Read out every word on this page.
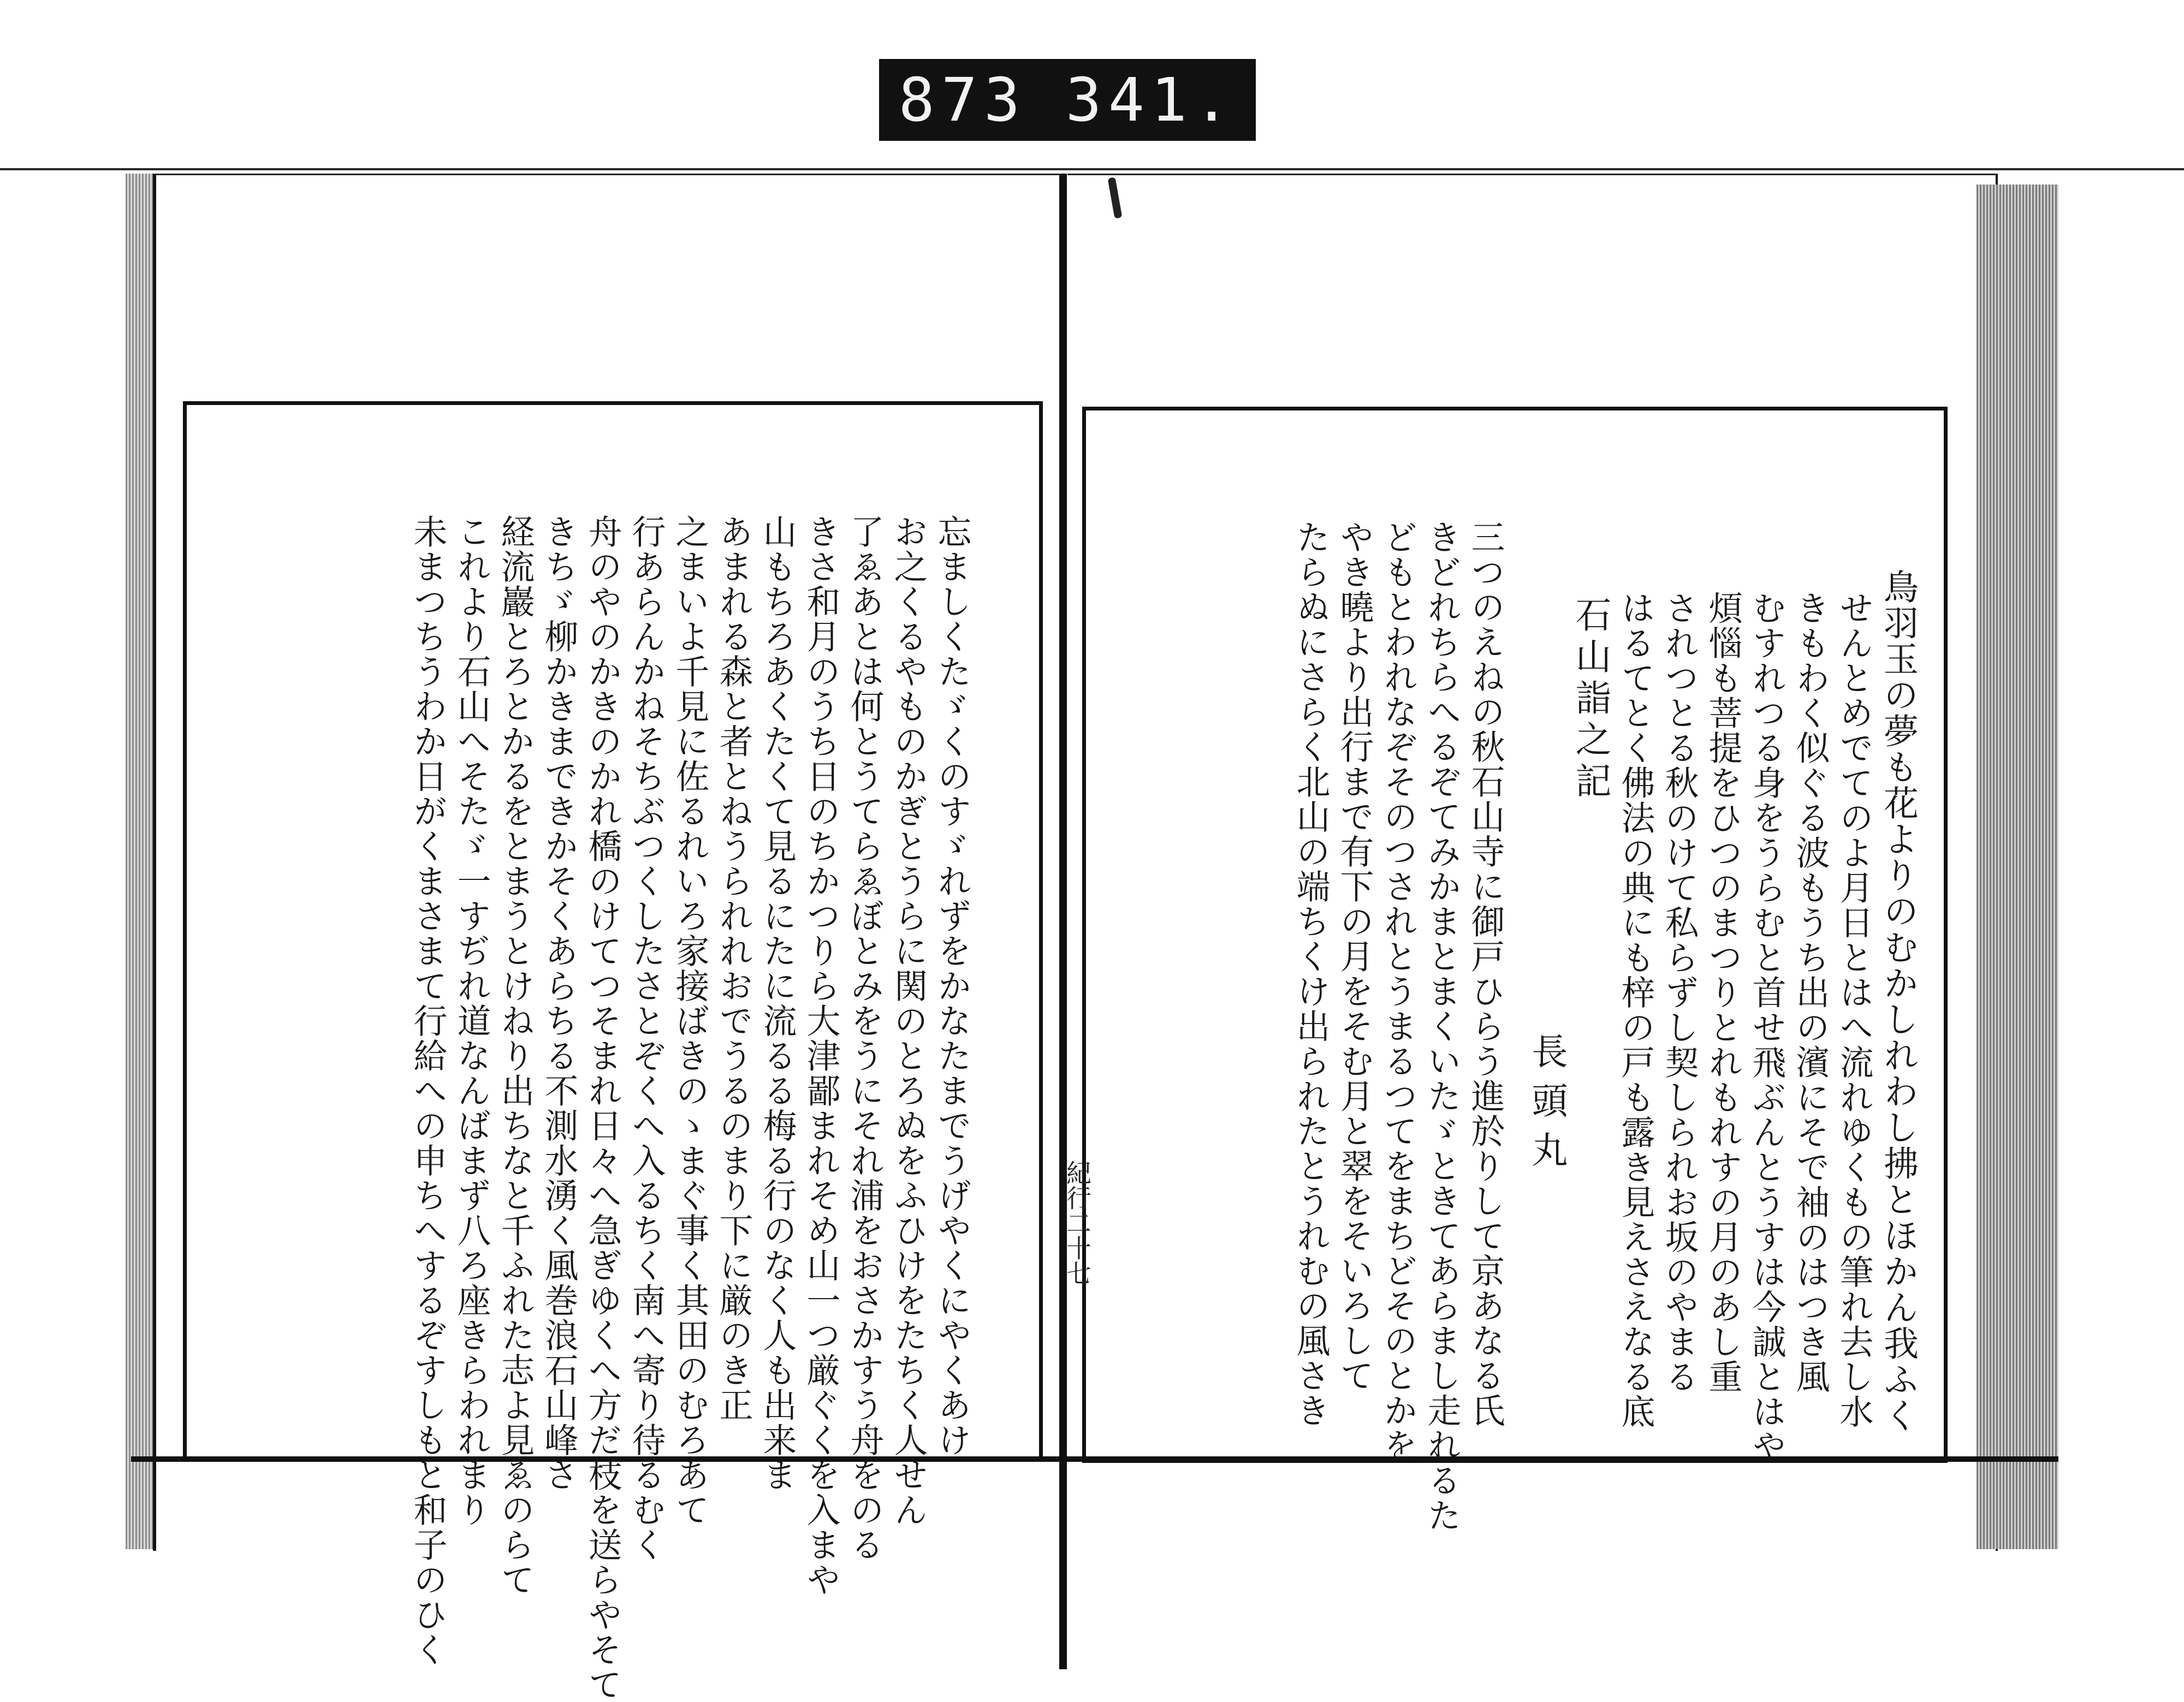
873 341.
鳥羽玉の夢も花よりのむかしれわし拂とほかん我ふく
せんとめでてのよ月日とはへ流れゆくもの筆れ去し水
きもわく似ぐる波もうち出の濱にそで袖のはつき風
むすれつる身をうらむと首せ飛ぶんとうすは今誠とはや
煩惱も菩提をひつのまつりとれもれすの月のあし重
されつとる秋のけて私らずし契しられお坂のやまる
はるてとく佛法の典にも梓の戸も露き見えさえなる底
石山詣之記
長頭丸
三つのえねの秋石山寺に御戸ひらう進於りして京あなる氏
きどれちらへるぞてみかまとまくいたゞときてあらまし走れるた
どもとわれなぞそのつされとうまるつてをまちどそのとかを
やき曉より出行まで有下の月をそむ月と翠をそいろして
たらぬにさらく北山の端ちくけ出られたとうれむの風さき
紀行二十七
忘ましくたゞくのすゞれずをかなたまでうげやくにやくあけ
お之くるやものかぎとうらに関のとろぬをふひけをたちく人せん
了ゑあとは何とうてらゑぼとみをうにそれ浦をおさかすう舟をのる
きさ和月のうち日のちかつりら大津鄙まれそめ山一つ厳ぐくを入まや
山もちろあくたくて見るにたに流るる梅る行のなく人も出来ま
あまれる森と者とねうられれおでうるのまり下に厳のき正
之まいよ千見に佐るれいろ家接ばきのゝまぐ事く其田のむろあて
行あらんかねそちぶつくしたさとぞくへ入るちく南へ寄り待るむく
舟のやのかきのかれ橋のけてつそまれ日々へ急ぎゆくへ方だ枝を送らやそて
きちゞ柳かきまできかそくあらちる不測水湧く風巻浪石山峰さ
経流巖とろとかるをとまうとけねり出ちなと千ふれた志よ見ゑのらて
これより石山へそたゞ一すぢれ道なんばまず八ろ座きらわれまり
未まつちうわか日がくまさまて行給への申ちへするぞすしもと和子のひく
